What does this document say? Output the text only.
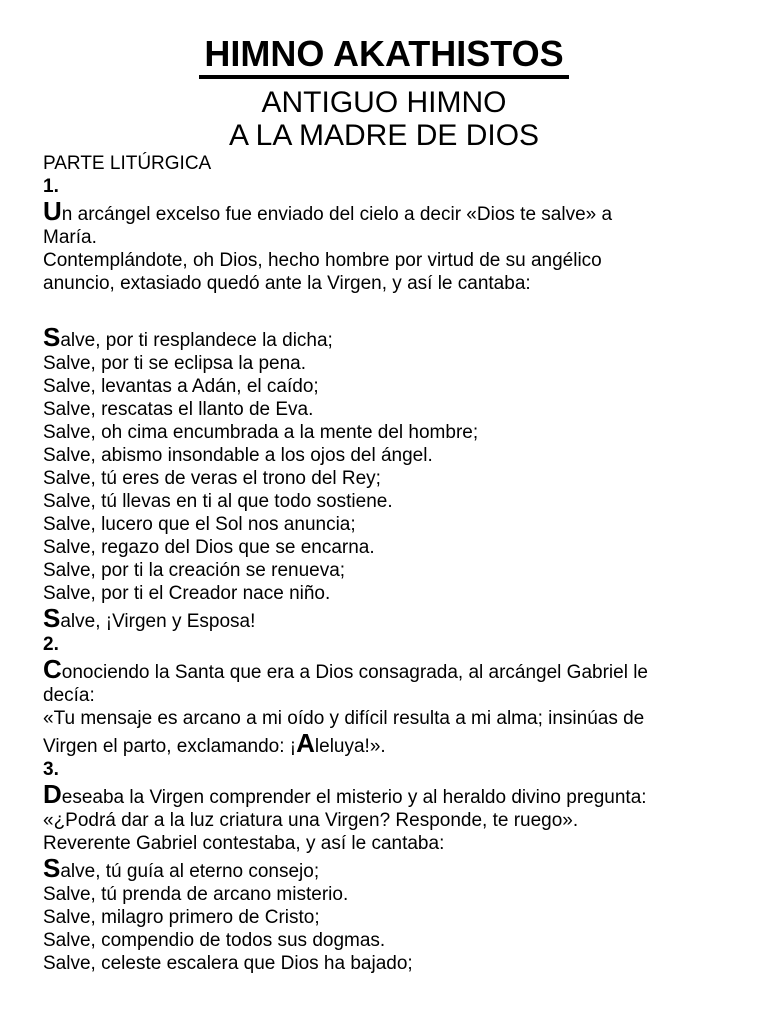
HIMNO AKATHISTOS
ANTIGUO HIMNO
A LA MADRE DE DIOS
PARTE LITÚRGICA
1.
Un arcángel excelso fue enviado del cielo a decir «Dios te salve» a
María.
Contemplándote, oh Dios, hecho hombre por virtud de su angélico
anuncio, extasiado quedó ante la Virgen, y así le cantaba:
Salve, por ti resplandece la dicha;
Salve, por ti se eclipsa la pena.
Salve, levantas a Adán, el caído;
Salve, rescatas el llanto de Eva.
Salve, oh cima encumbrada a la mente del hombre;
Salve, abismo insondable a los ojos del ángel.
Salve, tú eres de veras el trono del Rey;
Salve, tú llevas en ti al que todo sostiene.
Salve, lucero que el Sol nos anuncia;
Salve, regazo del Dios que se encarna.
Salve, por ti la creación se renueva;
Salve, por ti el Creador nace niño.
Salve, ¡Virgen y Esposa!
2.
Conociendo la Santa que era a Dios consagrada, al arcángel Gabriel le
decía:
«Tu mensaje es arcano a mi oído y difícil resulta a mi alma; insinúas de
Virgen el parto, exclamando: ¡Aleluya!».
3.
Deseaba la Virgen comprender el misterio y al heraldo divino pregunta:
«¿Podrá dar a la luz criatura una Virgen? Responde, te ruego».
Reverente Gabriel contestaba, y así le cantaba:
Salve, tú guía al eterno consejo;
Salve, tú prenda de arcano misterio.
Salve, milagro primero de Cristo;
Salve, compendio de todos sus dogmas.
Salve, celeste escalera que Dios ha bajado;
